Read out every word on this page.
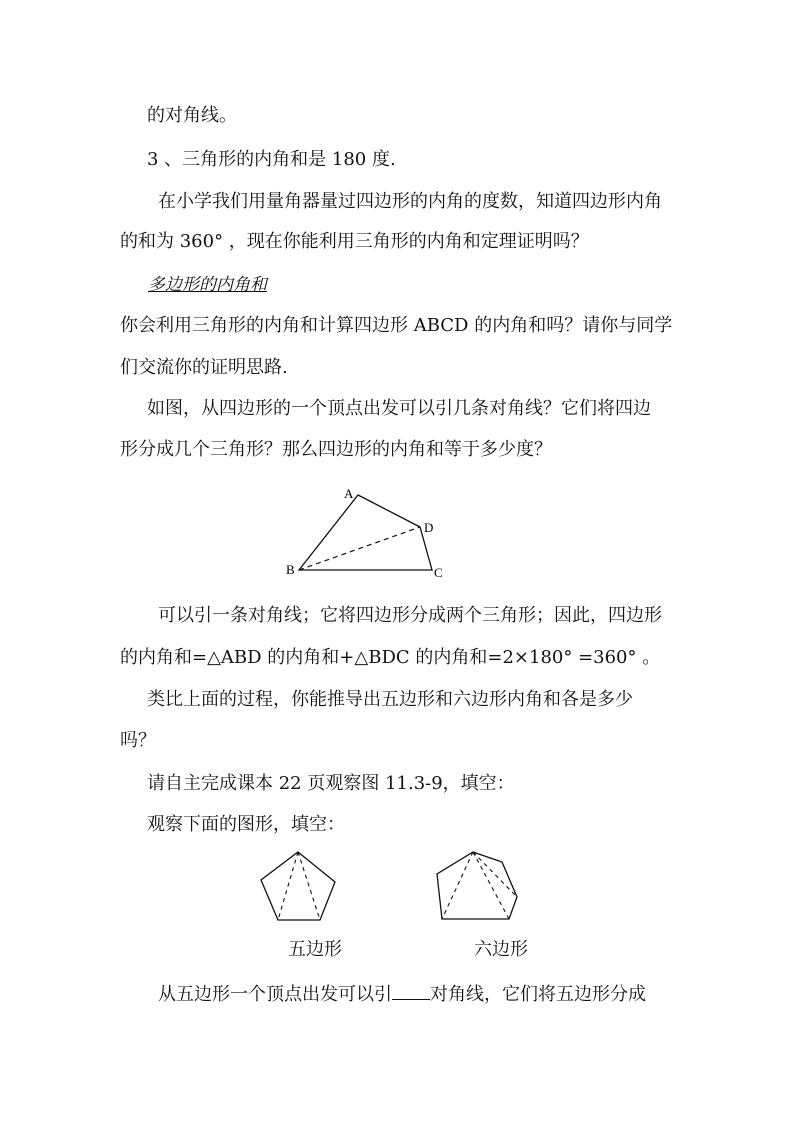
的对角线。
3 、三角形的内角和是 180 度.
在小学我们用量角器量过四边形的内角的度数，知道四边形内角
的和为 360° ，现在你能利用三角形的内角和定理证明吗？
多边形的内角和
你会利用三角形的内角和计算四边形 ABCD 的内角和吗？请你与同学
们交流你的证明思路.
如图，从四边形的一个顶点出发可以引几条对角线？它们将四边
形分成几个三角形？那么四边形的内角和等于多少度？
A
B	C
D
可以引一条对角线；它将四边形分成两个三角形；因此，四边形
的内角和=△ABD 的内角和+△BDC 的内角和=2×180° =360° 。
类比上面的过程，你能推导出五边形和六边形内角和各是多少
吗？
请自主完成课本 22 页观察图 11.3-9，填空：
观察下面的图形，填空：
五边形	六边形
从五边形一个顶点出发可以引 对角线，它们将五边形分成
